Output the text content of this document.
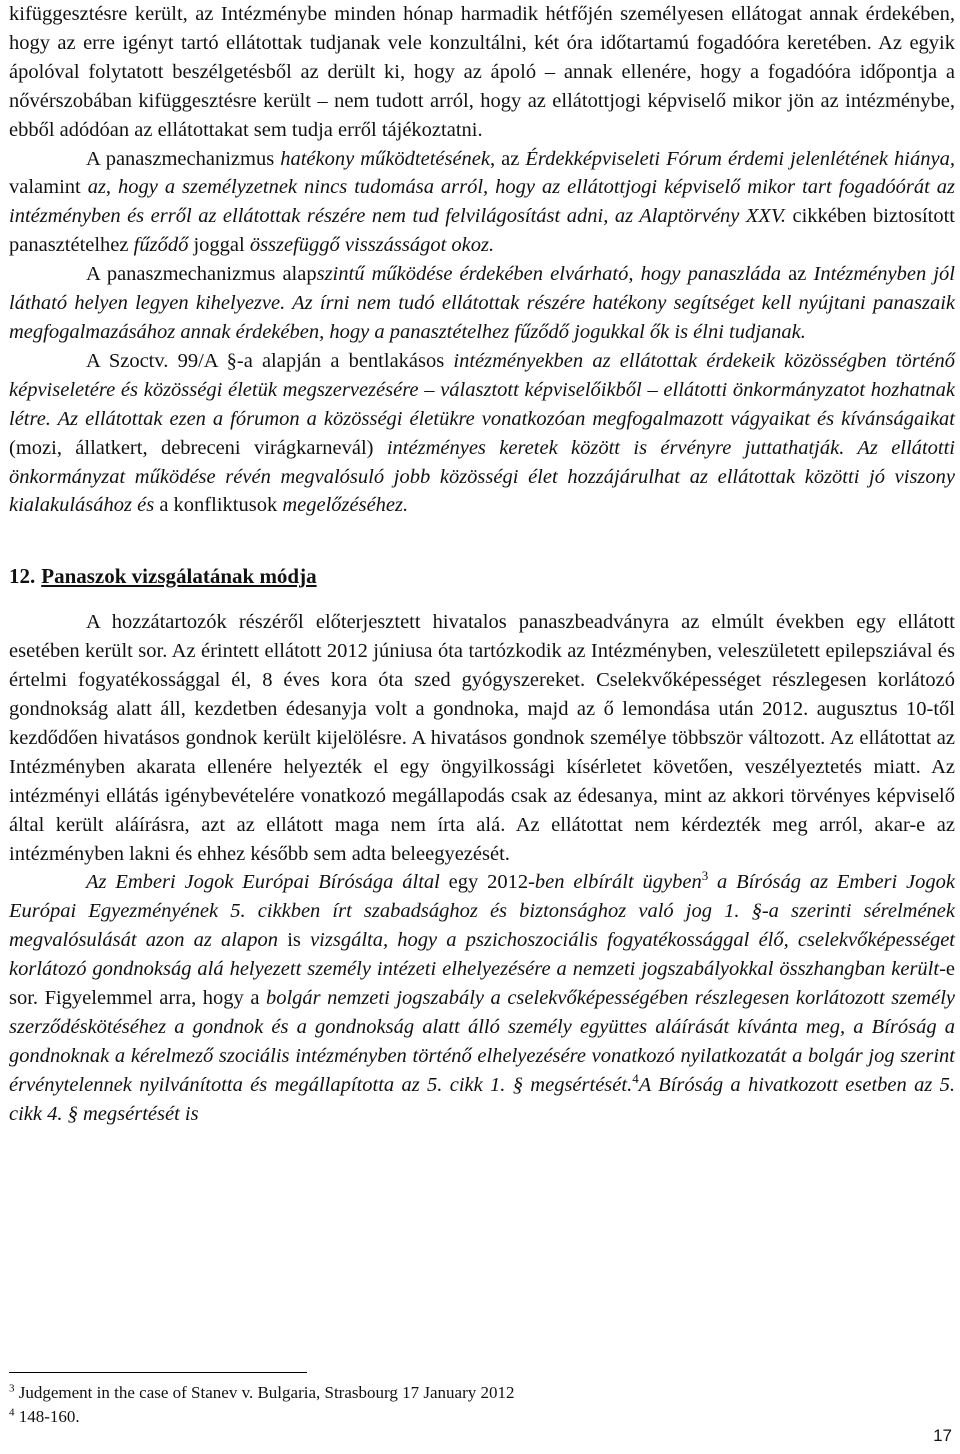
kifüggesztésre került, az Intézménybe minden hónap harmadik hétfőjén személyesen ellátogat annak érdekében, hogy az erre igényt tartó ellátottak tudjanak vele konzultálni, két óra időtartamú fogadóóra keretében. Az egyik ápolóval folytatott beszélgetésből az derült ki, hogy az ápoló – annak ellenére, hogy a fogadóóra időpontja a nővérszobában kifüggesztésre került – nem tudott arról, hogy az ellátottjogi képviselő mikor jön az intézménybe, ebből adódóan az ellátottakat sem tudja erről tájékoztatni.

A panaszmechanizmus hatékony működtetésének, az Érdekképviseleti Fórum érdemi jelenlétének hiánya, valamint az, hogy a személyzetnek nincs tudomása arról, hogy az ellátottjogi képviselő mikor tart fogadóórát az intézményben és erről az ellátottak részére nem tud felvilágosítást adni, az Alaptörvény XXV. cikkében biztosított panasztételhez fűződő joggal összefüggő visszásságot okoz.

A panaszmechanizmus alapszintű működése érdekében elvárható, hogy panaszláda az Intézményben jól látható helyen legyen kihelyezve. Az írni nem tudó ellátottak részére hatékony segítséget kell nyújtani panaszaik megfogalmazásához annak érdekében, hogy a panasztételhez fűződő jogukkal ők is élni tudjanak.

A Szoctv. 99/A §-a alapján a bentlakásos intézményekben az ellátottak érdekeik közösségben történő képviseletére és közösségi életük megszervezésére – választott képviselőikből – ellátotti önkormányzatot hozhatnak létre. Az ellátottak ezen a fórumon a közösségi életükre vonatkozóan megfogalmazott vágyaikat és kívánságaikat (mozi, állatkert, debreceni virágkarnevál) intézményes keretek között is érvényre juttathatják. Az ellátotti önkormányzat működése révén megvalósuló jobb közösségi élet hozzájárulhat az ellátottak közötti jó viszony kialakulásához és a konfliktusok megelőzéséhez.

12. Panaszok vizsgálatának módja

A hozzátartozók részéről előterjesztett hivatalos panaszbeadványra az elmúlt években egy ellátott esetében került sor. Az érintett ellátott 2012 júniusa óta tartózkodik az Intézményben, veleszületett epilepsziával és értelmi fogyatékossággal él, 8 éves kora óta szed gyógyszereket. Cselekvőképességet részlegesen korlátozó gondnokság alatt áll, kezdetben édesanyja volt a gondnoka, majd az ő lemondása után 2012. augusztus 10-től kezdődően hivatásos gondnok került kijelölésre. A hivatásos gondnok személye többször változott. Az ellátottat az Intézményben akarata ellenére helyezték el egy öngyilkossági kísérletet követően, veszélyeztetés miatt. Az intézményi ellátás igénybevételére vonatkozó megállapodás csak az édesanya, mint az akkori törvényes képviselő által került aláírásra, azt az ellátott maga nem írta alá. Az ellátottat nem kérdezték meg arról, akar-e az intézményben lakni és ehhez később sem adta beleegyezését.

Az Emberi Jogok Európai Bírósága által egy 2012-ben elbírált ügyben$^3$ a Bíróság az Emberi Jogok Európai Egyezményének 5. cikkben írt szabadsághoz és biztonsághoz való jog 1. §-a szerinti sérelmének megvalósulását azon az alapon is vizsgálta, hogy a pszichoszociális fogyatékossággal élő, cselekvőképességet korlátozó gondnokság alá helyezett személy intézeti elhelyezésére a nemzeti jogszabályokkal összhangban került-e sor. Figyelemmel arra, hogy a bolgár nemzeti jogszabály a cselekvőképességében részlegesen korlátozott személy szerződéskötéséhez a gondnok és a gondnokság alatt álló személy együttes aláírását kívánta meg, a Bíróság a gondnoknak a kérelmező szociális intézményben történő elhelyezésére vonatkozó nyilatkozatát a bolgár jog szerint érvénytelennek nyilvánította és megállapította az 5. cikk 1. § megsértését.$^4$A Bíróság a hivatkozott esetben az 5. cikk 4. § megsértését is

$^3$ Judgement in the case of Stanev v. Bulgaria, Strasbourg 17 January 2012
$^4$ 148-160.
17
